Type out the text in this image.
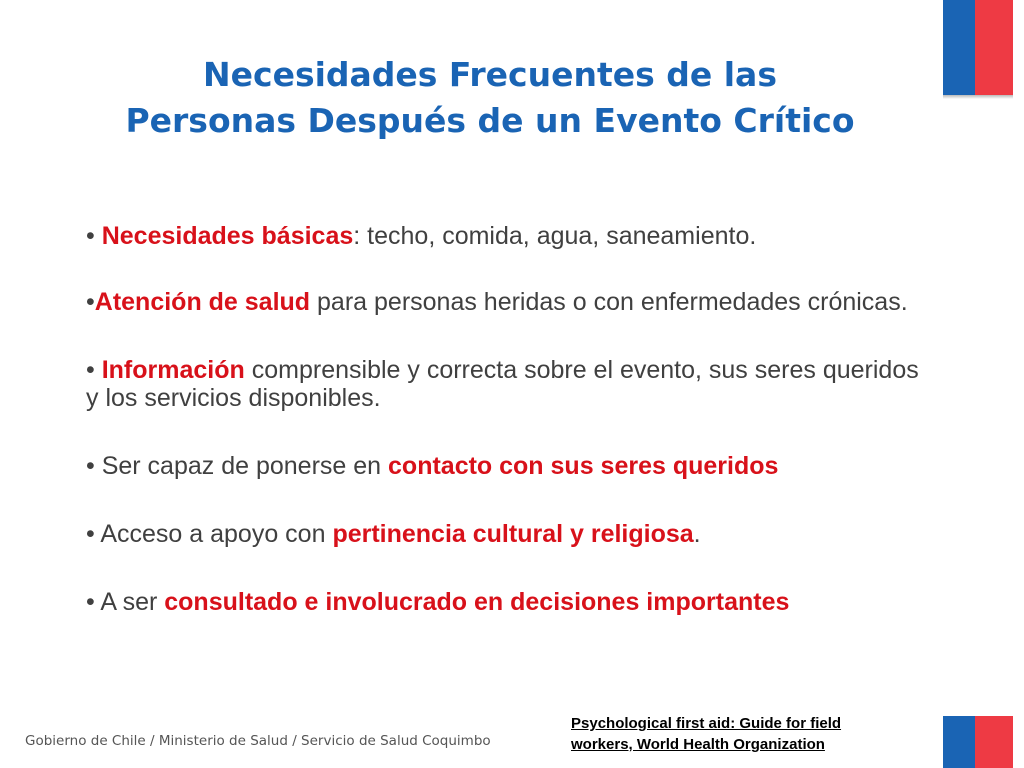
Necesidades Frecuentes de las
Personas Después de un Evento Crítico
• Necesidades básicas: techo, comida, agua, saneamiento.
•Atención de salud para personas heridas o con enfermedades crónicas.
• Información comprensible y correcta sobre el evento, sus seres queridos y los servicios disponibles.
• Ser capaz de ponerse en contacto con sus seres queridos
• Acceso a apoyo con pertinencia cultural y religiosa.
• A ser consultado e involucrado en decisiones importantes
Psychological first aid: Guide for field
workers, World Health Organization
Gobierno de Chile / Ministerio de Salud / Servicio de Salud Coquimbo
